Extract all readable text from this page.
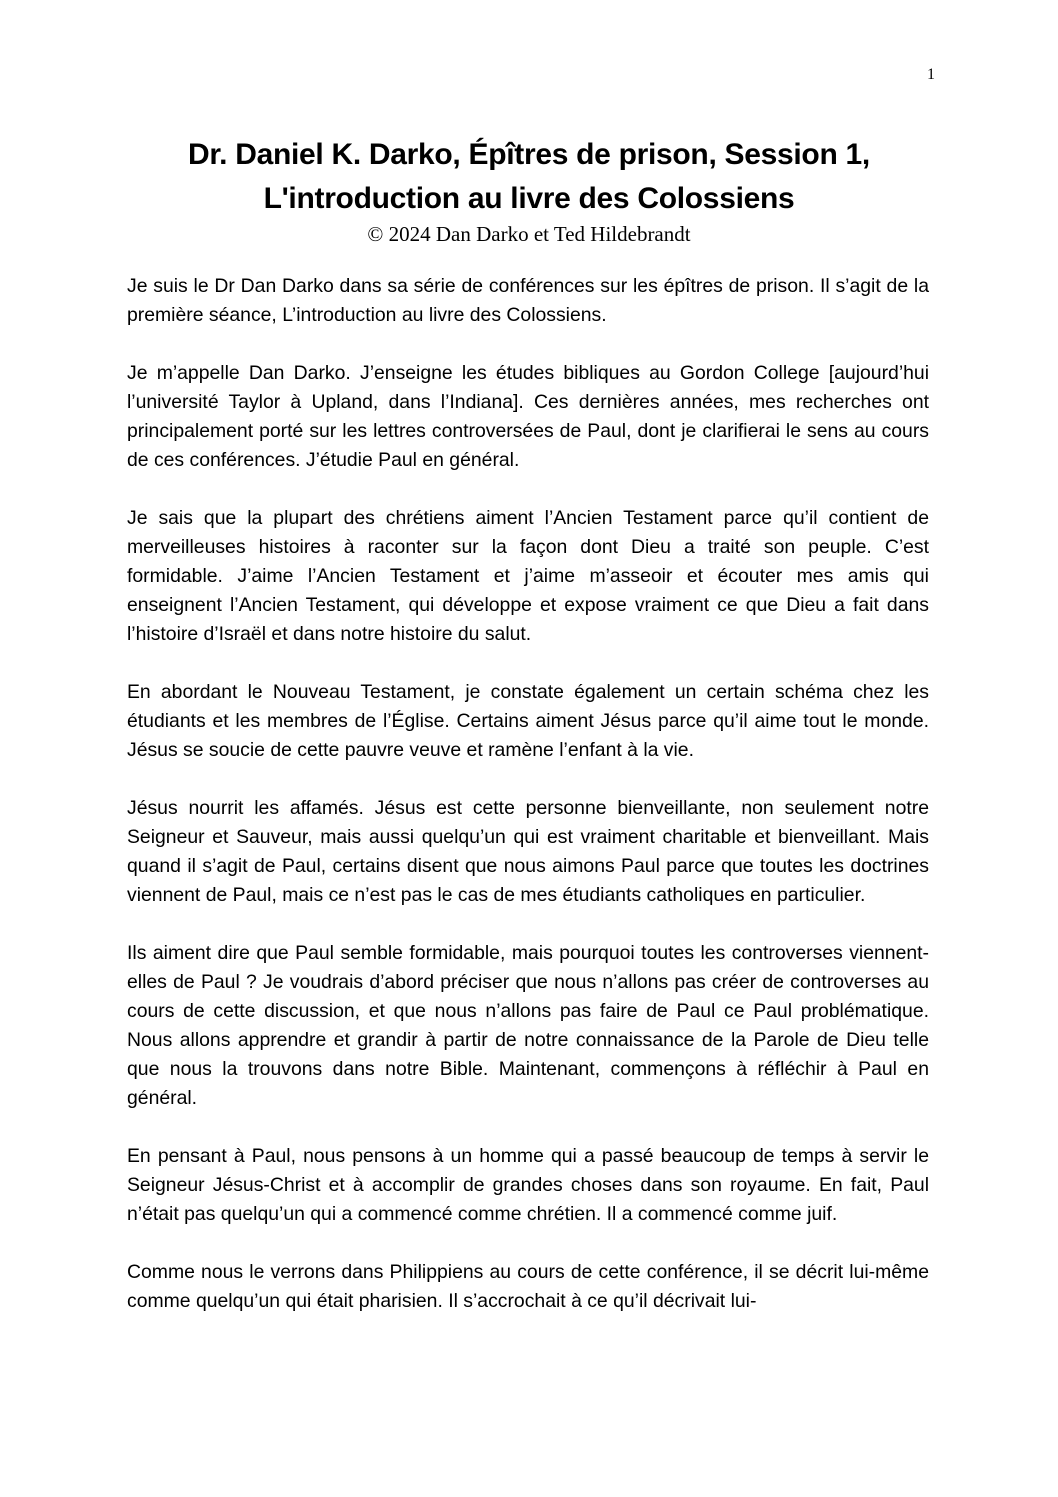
1
Dr. Daniel K. Darko, Épîtres de prison, Session 1,
L'introduction au livre des Colossiens

© 2024 Dan Darko et Ted Hildebrandt

Je suis le Dr Dan Darko dans sa série de conférences sur les épîtres de prison. Il s’agit de la première séance, L’introduction au livre des Colossiens.

Je m’appelle Dan Darko. J’enseigne les études bibliques au Gordon College [aujourd’hui l’université Taylor à Upland, dans l’Indiana]. Ces dernières années, mes recherches ont principalement porté sur les lettres controversées de Paul, dont je clarifierai le sens au cours de ces conférences. J’étudie Paul en général.

Je sais que la plupart des chrétiens aiment l’Ancien Testament parce qu’il contient de merveilleuses histoires à raconter sur la façon dont Dieu a traité son peuple. C’est formidable. J’aime l’Ancien Testament et j’aime m’asseoir et écouter mes amis qui enseignent l’Ancien Testament, qui développe et expose vraiment ce que Dieu a fait dans l’histoire d’Israël et dans notre histoire du salut.

En abordant le Nouveau Testament, je constate également un certain schéma chez les étudiants et les membres de l’Église. Certains aiment Jésus parce qu’il aime tout le monde. Jésus se soucie de cette pauvre veuve et ramène l’enfant à la vie.

Jésus nourrit les affamés. Jésus est cette personne bienveillante, non seulement notre Seigneur et Sauveur, mais aussi quelqu’un qui est vraiment charitable et bienveillant. Mais quand il s’agit de Paul, certains disent que nous aimons Paul parce que toutes les doctrines viennent de Paul, mais ce n’est pas le cas de mes étudiants catholiques en particulier.

Ils aiment dire que Paul semble formidable, mais pourquoi toutes les controverses viennent-elles de Paul ? Je voudrais d’abord préciser que nous n’allons pas créer de controverses au cours de cette discussion, et que nous n’allons pas faire de Paul ce Paul problématique. Nous allons apprendre et grandir à partir de notre connaissance de la Parole de Dieu telle que nous la trouvons dans notre Bible. Maintenant, commençons à réfléchir à Paul en général.

En pensant à Paul, nous pensons à un homme qui a passé beaucoup de temps à servir le Seigneur Jésus-Christ et à accomplir de grandes choses dans son royaume. En fait, Paul n’était pas quelqu’un qui a commencé comme chrétien. Il a commencé comme juif.

Comme nous le verrons dans Philippiens au cours de cette conférence, il se décrit lui-même comme quelqu’un qui était pharisien. Il s’accrochait à ce qu’il décrivait lui-
